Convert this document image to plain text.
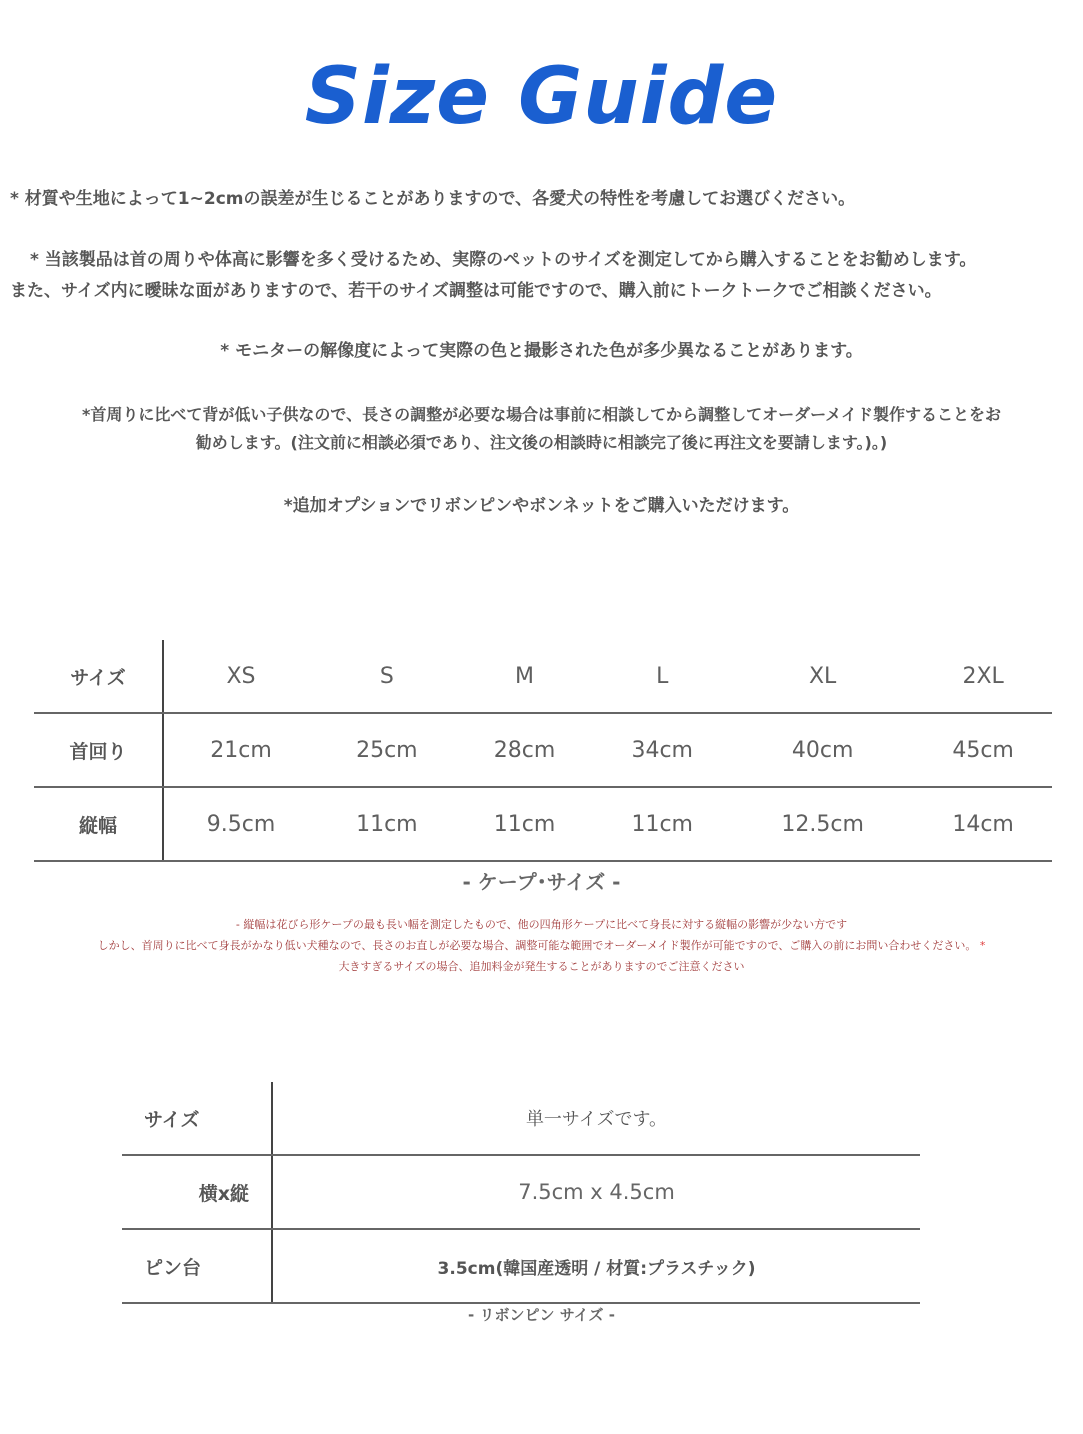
Size Guide
* 材質や生地によって1~2cmの誤差が生じることがありますので、各愛犬の特性を考慮してお選びください。
* 当該製品は首の周りや体高に影響を多く受けるため、実際のペットのサイズを測定してから購入することをお勧めします。
また、サイズ内に曖昧な面がありますので、若干のサイズ調整は可能ですので、購入前にトークトークでご相談ください。
* モニターの解像度によって実際の色と撮影された色が多少異なることがあります。
*首周りに比べて背が低い子供なので、長さの調整が必要な場合は事前に相談してから調整してオーダーメイド製作することをお
勧めします。(注文前に相談必須であり、注文後の相談時に相談完了後に再注文を要請します。)。)
*追加オプションでリボンピンやボンネットをご購入いただけます。
サイズ	XS	S	M	L	XL	2XL
首回り	21cm	25cm	28cm	34cm	40cm	45cm
縦幅	9.5cm	11cm	11cm	11cm	12.5cm	14cm
- ケープ･サイズ -
- 縦幅は花びら形ケープの最も長い幅を測定したもので、他の四角形ケープに比べて身長に対する縦幅の影響が少ない方です
しかし、首周りに比べて身長がかなり低い犬種なので、長さのお直しが必要な場合、調整可能な範囲でオーダーメイド製作が可能ですので、ご購入の前にお問い合わせください。 *
大きすぎるサイズの場合、追加料金が発生することがありますのでご注意ください
サイズ	単一サイズです。
横x縦	7.5cm x 4.5cm
ピン台	3.5cm(韓国産透明 / 材質:プラスチック)
- リボンピン サイズ -
